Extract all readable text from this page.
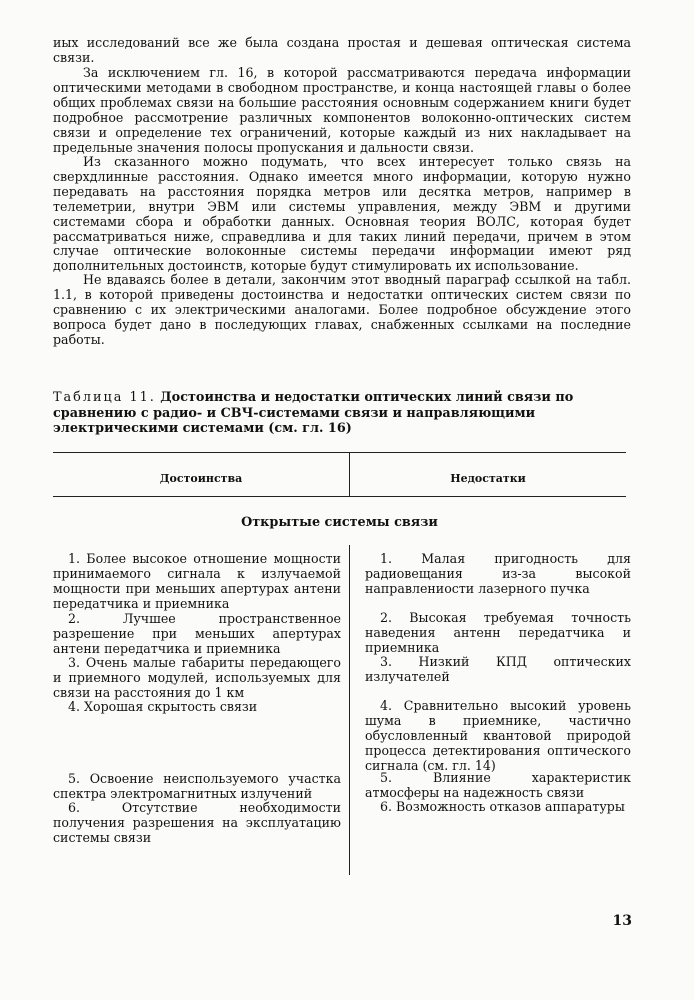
иых исследований все же была создана простая и дешевая оптическая система связи.

За исключением гл. 16, в которой рассматриваются передача информации оптическими методами в свободном пространстве, и конца настоящей главы о более общих проблемах связи на большие расстояния основным содержанием книги будет подробное рассмотрение различных компонентов волоконно-оптических систем связи и определение тех ограничений, которые каждый из них накладывает на предельные значения полосы пропускания и дальности связи.

Из сказанного можно подумать, что всех интересует только связь на сверхдлинные расстояния. Однако имеется много информации, которую нужно передавать на расстояния порядка метров или десятка метров, например в телеметрии, внутри ЭВМ или системы управления, между ЭВМ и другими системами сбора и обработки данных. Основная теория ВОЛС, которая будет рассматриваться ниже, справедлива и для таких линий передачи, причем в этом случае оптические волоконные системы передачи информации имеют ряд дополнительных достоинств, которые будут стимулировать их использование.

Не вдаваясь более в детали, закончим этот вводный параграф ссылкой на табл. 1.1, в которой приведены достоинства и недостатки оптических систем связи по сравнению с их электрическими аналогами. Более подробное обсуждение этого вопроса будет дано в последующих главах, снабженных ссылками на последние работы.

Таблица 11. Достоинства и недостатки оптических линий связи по сравнению с радио- и СВЧ-системами связи и направляющими электрическими системами (см. гл. 16)

Достоинства	Недостатки
Открытые системы связи

1. Более высокое отношение мощности принимаемого сигнала к излучаемой мощности при меньших апертурах антени передатчика и приемника

2. Лучшее пространственное разрешение при меньших апертурах антени передатчика и приемника

3. Очень малые габариты передающего и приемного модулей, используемых для связи на расстояния до 1 км

4. Хорошая скрытость связи

5. Освоение неиспользуемого участка спектра электромагнитных излучений

6. Отсутствие необходимости получения разрешения на эксплуатацию системы связи

1. Малая пригодность для радиовещания из-за высокой направлениости лазерного пучка

2. Высокая требуемая точность наведения антенн передатчика и приемника

3. Низкий КПД оптических излучателей

4. Сравнительно высокий уровень шума в приемнике, частично обусловленный квантовой природой процесса детектирования оптического сигнала (см. гл. 14)

5. Влияние характеристик атмосферы на надежность связи

6. Возможность отказов аппаратуры

13
